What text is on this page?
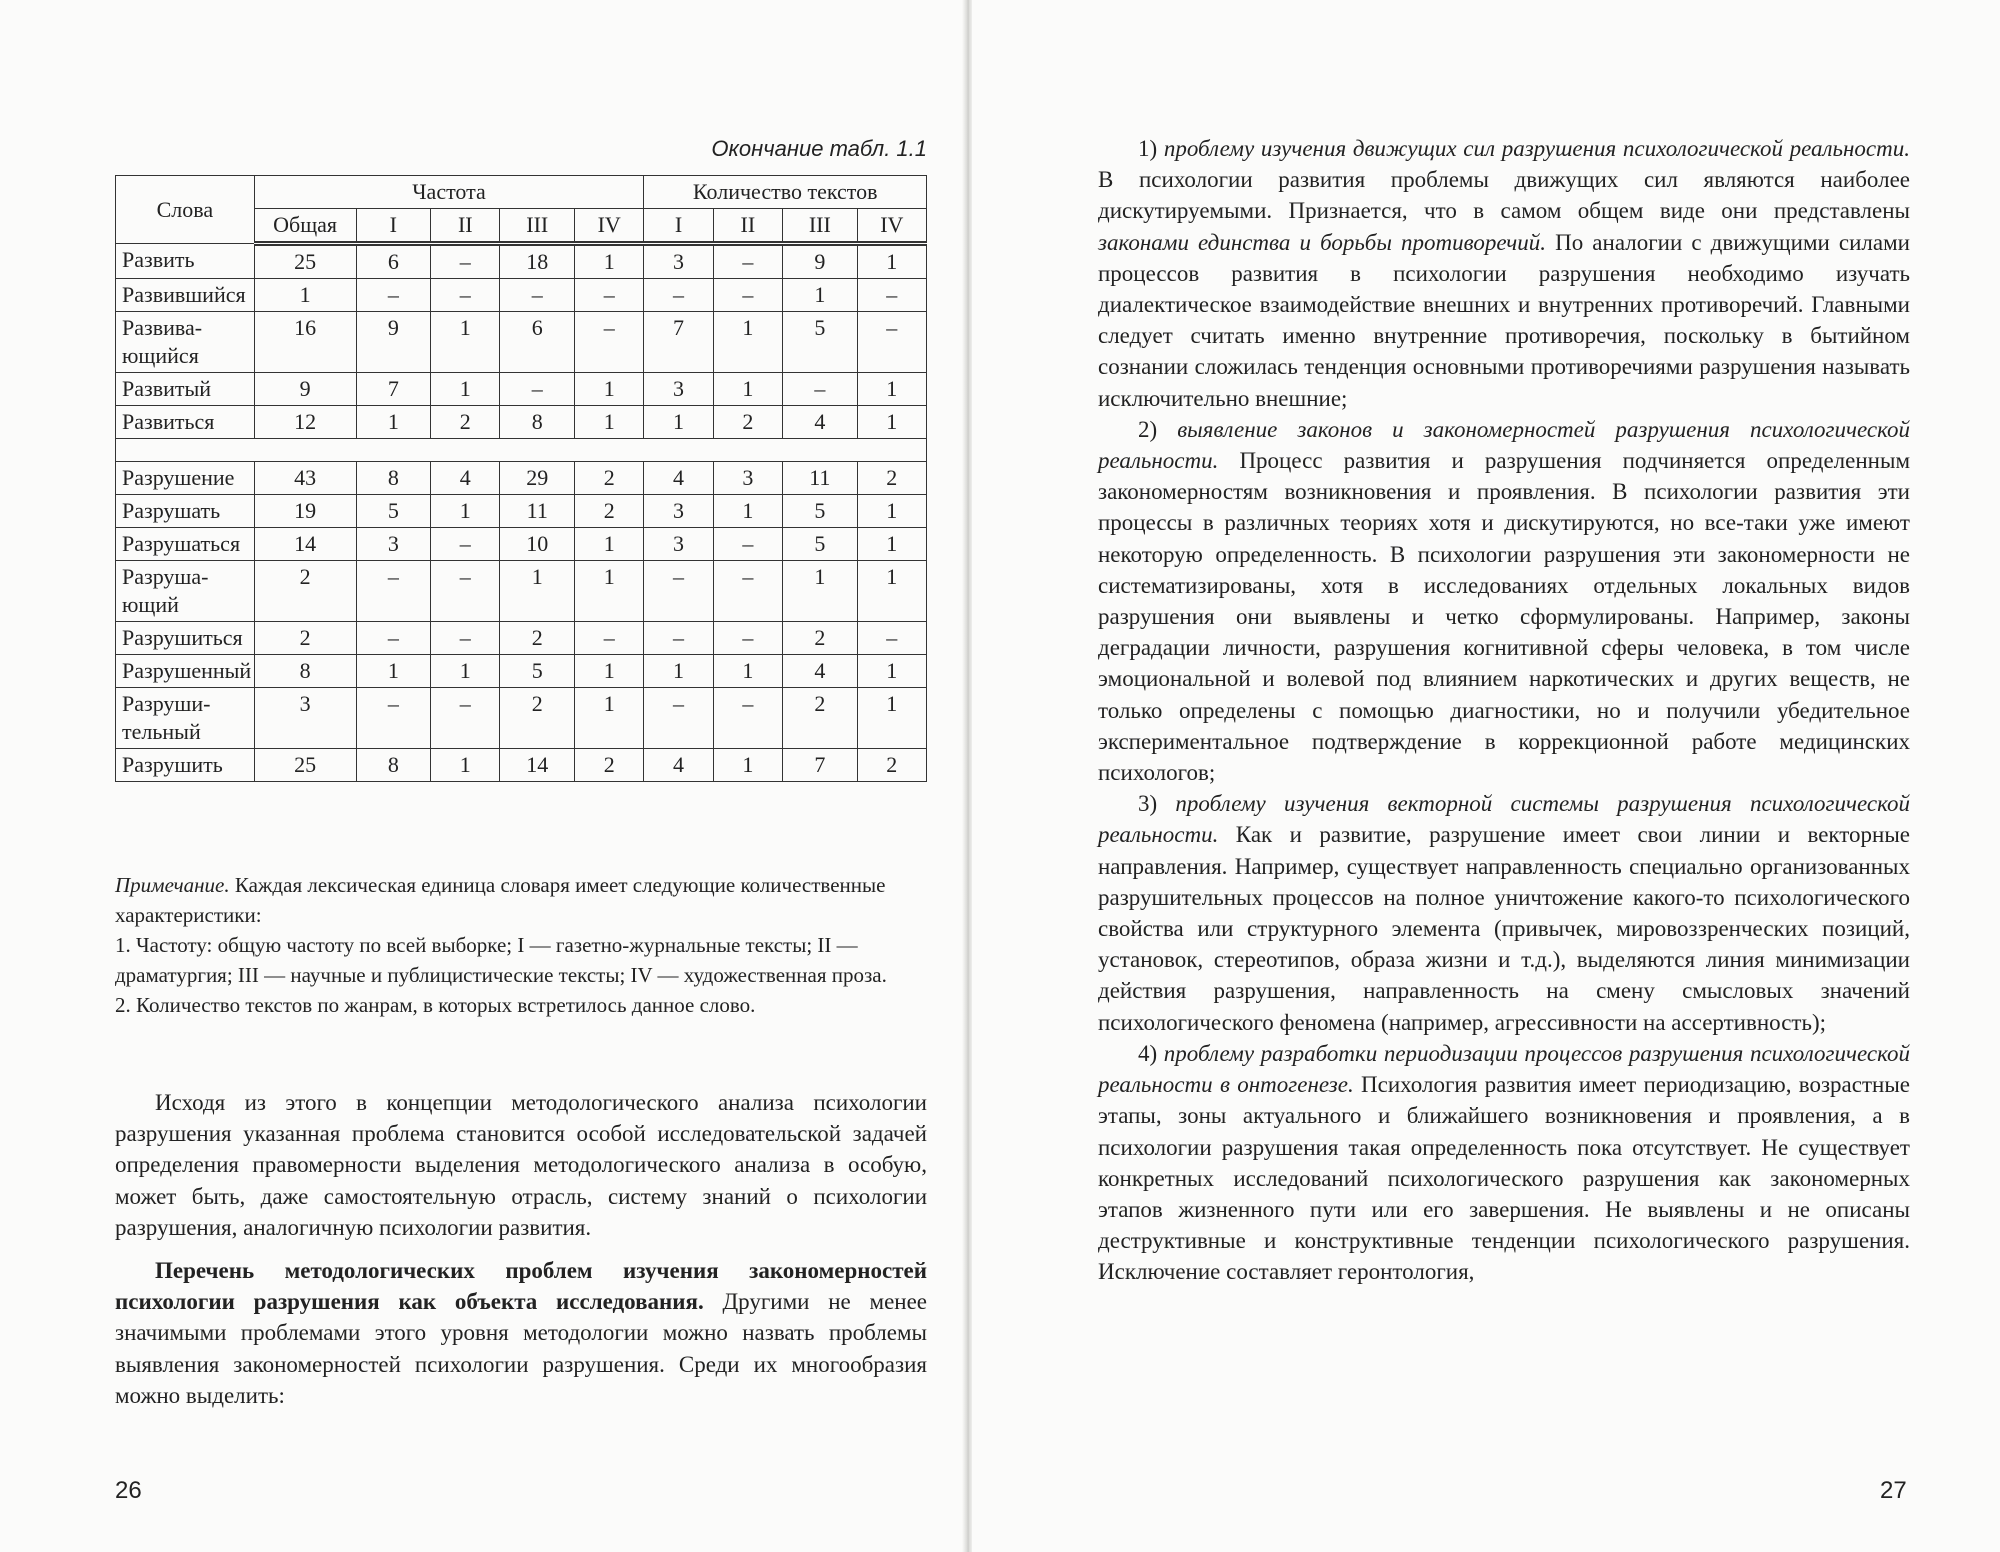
Окончание табл. 1.1
Слова	Частота					Количество текстов			
	Общая	I	II	III	IV	I	II	III	IV
Развить	25	6	–	18	1	3	–	9	1
Развившийся	1	–	–	–	–	–	–	1	–
Развива-
ющийся	16	9	1	6	–	7	1	5	–
Развитый	9	7	1	–	1	3	1	–	1
Развиться	12	1	2	8	1	1	2	4	1

Разрушение	43	8	4	29	2	4	3	11	2
Разрушать	19	5	1	11	2	3	1	5	1
Разрушаться	14	3	–	10	1	3	–	5	1
Разруша-
ющий	2	–	–	1	1	–	–	1	1
Разрушиться	2	–	–	2	–	–	–	2	–
Разрушенный	8	1	1	5	1	1	1	4	1
Разруши-
тельный	3	–	–	2	1	–	–	2	1
Разрушить	25	8	1	14	2	4	1	7	2

Примечание. Каждая лексическая единица словаря имеет следующие количественные характеристики:

1. Частоту: общую частоту по всей выборке; I — газетно-журнальные тексты; II — драматургия; III — научные и публицистические тексты; IV — художественная проза.

2. Количество текстов по жанрам, в которых встретилось данное слово.

Исходя из этого в концепции методологического анализа психологии разрушения указанная проблема становится особой исследовательской задачей определения правомерности выделения методологического анализа в особую, может быть, даже самостоятельную отрасль, систему знаний о психологии разрушения, аналогичную психологии развития.

Перечень методологических проблем изучения закономерностей психологии разрушения как объекта исследования. Другими не менее значимыми проблемами этого уровня методологии можно назвать проблемы выявления закономерностей психологии разрушения. Среди их многообразия можно выделить:

26

1) проблему изучения движущих сил разрушения психологической реальности. В психологии развития проблемы движущих сил являются наиболее дискутируемыми. Признается, что в самом общем виде они представлены законами единства и борьбы противоречий. По аналогии с движущими силами процессов развития в психологии разрушения необходимо изучать диалектическое взаимодействие внешних и внутренних противоречий. Главными следует считать именно внутренние противоречия, поскольку в бытийном сознании сложилась тенденция основными противоречиями разрушения называть исключительно внешние;

2) выявление законов и закономерностей разрушения психологической реальности. Процесс развития и разрушения подчиняется определенным закономерностям возникновения и проявления. В психологии развития эти процессы в различных теориях хотя и дискутируются, но все-таки уже имеют некоторую определенность. В психологии разрушения эти закономерности не систематизированы, хотя в исследованиях отдельных локальных видов разрушения они выявлены и четко сформулированы. Например, законы деградации личности, разрушения когнитивной сферы человека, в том числе эмоциональной и волевой под влиянием наркотических и других веществ, не только определены с помощью диагностики, но и получили убедительное экспериментальное подтверждение в коррекционной работе медицинских психологов;

3) проблему изучения векторной системы разрушения психологической реальности. Как и развитие, разрушение имеет свои линии и векторные направления. Например, существует направленность специально организованных разрушительных процессов на полное уничтожение какого-то психологического свойства или структурного элемента (привычек, мировоззренческих позиций, установок, стереотипов, образа жизни и т.д.), выделяются линия минимизации действия разрушения, направленность на смену смысловых значений психологического феномена (например, агрессивности на ассертивность);

4) проблему разработки периодизации процессов разрушения психологической реальности в онтогенезе. Психология развития имеет периодизацию, возрастные этапы, зоны актуального и ближайшего возникновения и проявления, а в психологии разрушения такая определенность пока отсутствует. Не существует конкретных исследований психологического разрушения как закономерных этапов жизненного пути или его завершения. Не выявлены и не описаны деструктивные и конструктивные тенденции психологического разрушения. Исключение составляет геронтология,

27
